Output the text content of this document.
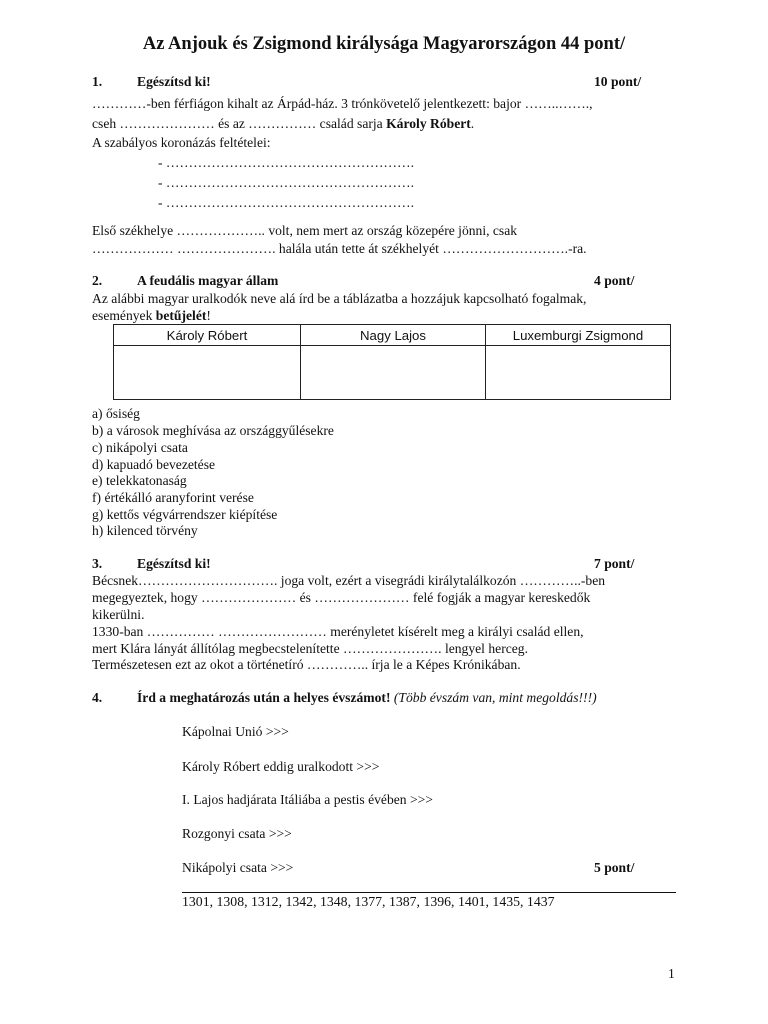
Az Anjouk és Zsigmond királysága Magyarországon 44 pont/
1.	Egészítsd ki!	10 pont/
…………-ben férfiágon kihalt az Árpád-ház. 3 trónkövetelő jelentkezett: bajor ……..…….,
cseh ………………… és az …………… család sarja Károly Róbert.
A szabályos koronázás feltételei:
- ……………………………………………….
- ……………………………………………….
- ……………………………………………….
Első székhelye ……………….. volt, nem mert az ország közepére jönni, csak
……………… …………………. halála után tette át székhelyét ……………………….-ra.
2.	A feudális magyar állam	4 pont/
Az alábbi magyar uralkodók neve alá írd be a táblázatba a hozzájuk kapcsolható fogalmak,
események betűjelét!
Károly Róbert	Nagy Lajos	Luxemburgi Zsigmond

a) ősiség
b) a városok meghívása az országgyűlésekre
c) nikápolyi csata
d) kapuadó bevezetése
e) telekkatonaság
f) értékálló aranyforint verése
g) kettős végvárrendszer kiépítése
h) kilenced törvény
3.	Egészítsd ki!	7 pont/
Bécsnek…………………………. joga volt, ezért a visegrádi királytalálkozón …………..-ben
megegyeztek, hogy ………………… és ………………… felé fogják a magyar kereskedők
kikerülni.
1330-ban …………… …………………… merényletet kísérelt meg a királyi család ellen,
mert Klára lányát állítólag megbecstelenítette …………………. lengyel herceg.
Természetesen ezt az okot a történetíró ………….. írja le a Képes Krónikában.
4.	Írd a meghatározás után a helyes évszámot! (Több évszám van, mint megoldás!!!)
Kápolnai Unió >>>
Károly Róbert eddig uralkodott >>>
I. Lajos hadjárata Itáliába a pestis évében >>>
Rozgonyi csata >>>
Nikápolyi csata >>>	5 pont/
1301, 1308, 1312, 1342, 1348, 1377, 1387, 1396, 1401, 1435, 1437
1
